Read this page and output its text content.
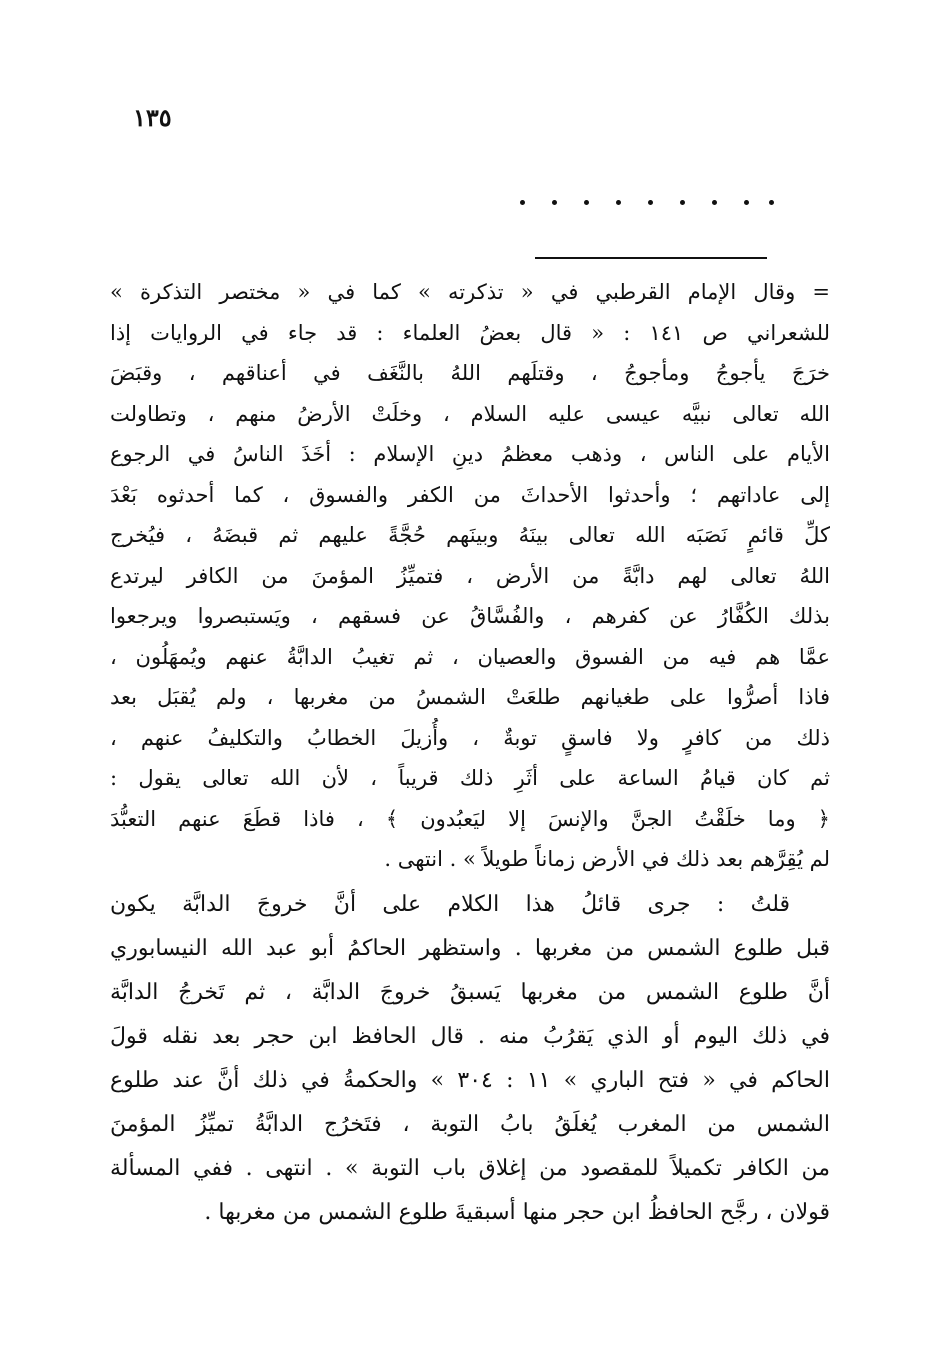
١٣٥
= وقال الإمام القرطبي في « تذكرته » كما في « مختصر التذكرة »
للشعراني ص ١٤١ : « قال بعضُ العلماء : قد جاء في الروايات إذا
خرَجَ يأجوجُ ومأجوجُ ، وقتلَهم اللهُ بالنَّغَف في أعناقهم ، وقبَضَ
الله تعالى نبيَّه عيسى عليه السلام ، وخلَتْ الأرضُ منهم ، وتطاولت
الأيام على الناس ، وذهب معظمُ دينِ الإسلام : أخَذَ الناسُ في الرجوع
إلى عاداتهم ؛ وأحدثوا الأحداثَ من الكفر والفسوق ، كما أحدثوه بَعْدَ
كلِّ قائمٍ نَصَبَه الله تعالى بينَهُ وبينَهم حُجَّةً عليهم ثم قبضَهُ ، فيُخرج
اللهُ تعالى لهم دابَّةً من الأرض ، فتميِّزُ المؤمنَ من الكافر ليرتدع
بذلك الكُفَّارُ عن كفرهم ، والفُسَّاقُ عن فسقهم ، ويَستبصروا ويرجعوا
عمَّا هم فيه من الفسوق والعصيان ، ثم تغيبُ الدابَّةُ عنهم ويُمهَلُون ،
فاذا أصرُّوا على طغيانهم طلعَتْ الشمسُ من مغربها ، ولم يُقبَل بعد
ذلك من كافرٍ ولا فاسقٍ توبةٌ ، وأُزيلَ الخطابُ والتكليفُ عنهم ،
ثم كان قيامُ الساعة على أثَرِ ذلك قريباً ، لأن الله تعالى يقول :
﴿ وما خلَقْتُ الجنَّ والإنسَ إلا ليَعبُدون ﴾ ، فاذا قطَعَ عنهم التعبُّدَ
لم يُقِرَّهم بعد ذلك في الأرض زماناً طويلاً » . انتهى .
قلتُ : جرى قائلُ هذا الكلام على أنَّ خروجَ الدابَّة يكون
قبل طلوع الشمس من مغربها . واستظهر الحاكمُ أبو عبد الله النيسابوري
أنَّ طلوع الشمس من مغربها يَسبقُ خروجَ الدابَّة ، ثم تَخرجُ الدابَّة
في ذلك اليوم أو الذي يَقرُبُ منه . قال الحافظ ابن حجر بعد نقله قولَ
الحاكم في « فتح الباري » ١١ : ٣٠٤ » والحكمةُ في ذلك أنَّ عند طلوع
الشمس من المغرب يُغلَقُ بابُ التوبة ، فتَخرُج الدابَّةُ تميِّزُ المؤمنَ
من الكافر تكميلاً للمقصود من إغلاق باب التوبة » . انتهى . ففي المسألة
قولان ، رجَّح الحافظُ ابن حجر منها أسبقيةَ طلوع الشمس من مغربها .
